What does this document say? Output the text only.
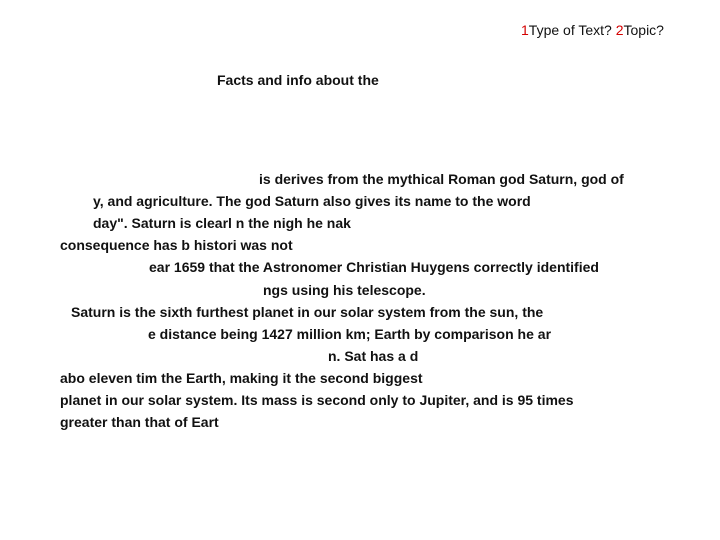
1Type of Text? 2Topic?
Facts and info about the
is derives from the mythical Roman god Saturn, god of
y, and agriculture. The god Saturn also gives its name to the word
day". Saturn is clearl n the nigh he nak
consequence has b histori was not
ear 1659 that the Astronomer Christian Huygens correctly identified
ngs using his telescope.
Saturn is the sixth furthest planet in our solar system from the sun, the
e distance being 1427 million km; Earth by comparison he ar
n. Sat has a d
abo eleven tim the Earth, making it the second biggest
planet in our solar system. Its mass is second only to Jupiter, and is 95 times
greater than that of Eart
